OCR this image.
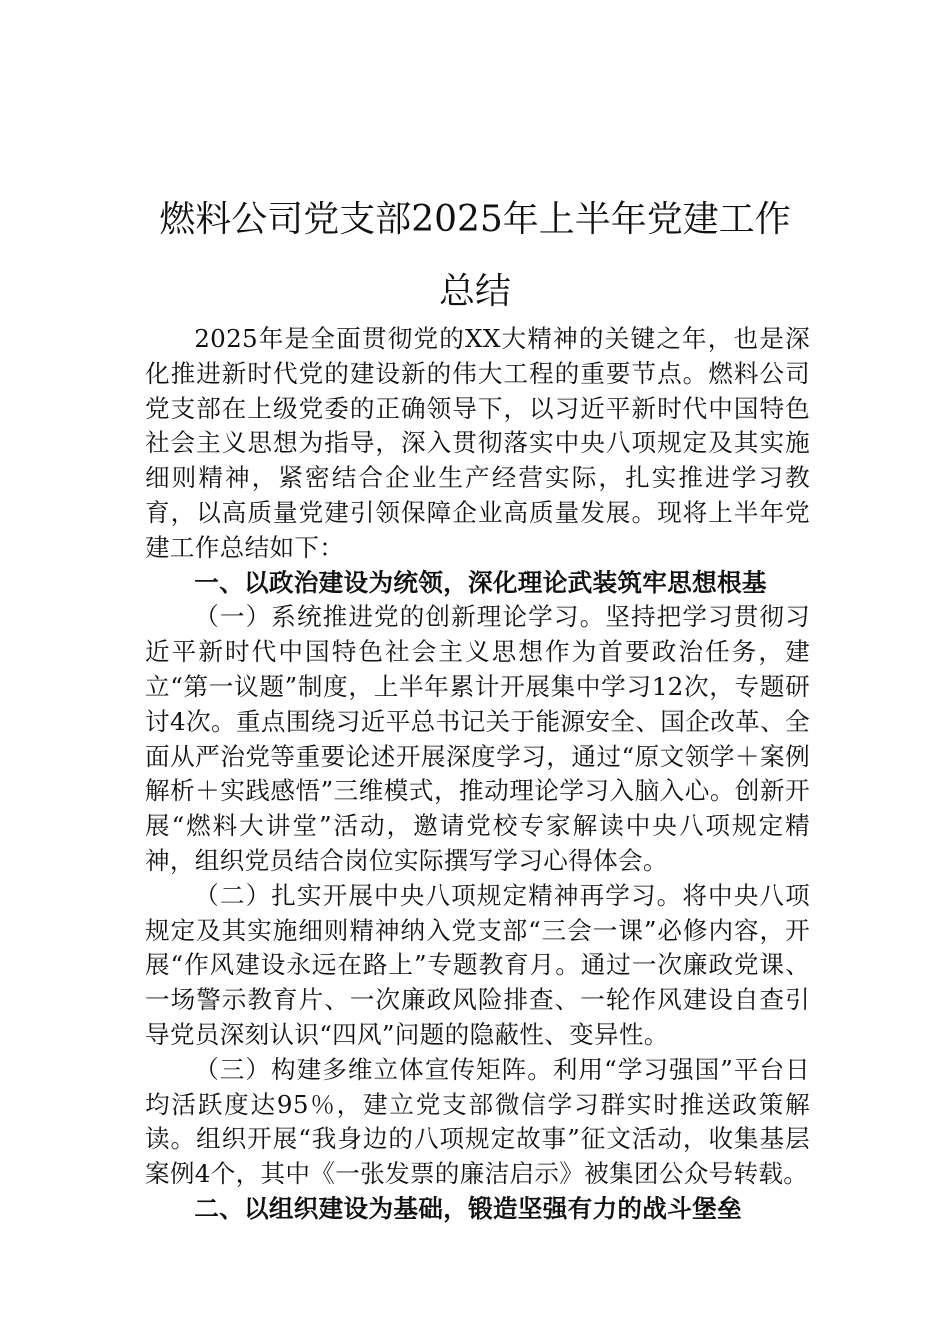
燃料公司党支部2025年上半年党建工作总结

2025年是全面贯彻党的XX大精神的关键之年，也是深化推进新时代党的建设新的伟大工程的重要节点。燃料公司党支部在上级党委的正确领导下，以习近平新时代中国特色社会主义思想为指导，深入贯彻落实中央八项规定及其实施细则精神，紧密结合企业生产经营实际，扎实推进学习教育，以高质量党建引领保障企业高质量发展。现将上半年党建工作总结如下：

一、以政治建设为统领，深化理论武装筑牢思想根基

（一）系统推进党的创新理论学习。坚持把学习贯彻习近平新时代中国特色社会主义思想作为首要政治任务，建立“第一议题”制度，上半年累计开展集中学习12次，专题研讨4次。重点围绕习近平总书记关于能源安全、国企改革、全面从严治党等重要论述开展深度学习，通过“原文领学＋案例解析＋实践感悟”三维模式，推动理论学习入脑入心。创新开展“燃料大讲堂”活动，邀请党校专家解读中央八项规定精神，组织党员结合岗位实际撰写学习心得体会。

（二）扎实开展中央八项规定精神再学习。将中央八项规定及其实施细则精神纳入党支部“三会一课”必修内容，开展“作风建设永远在路上”专题教育月。通过一次廉政党课、一场警示教育片、一次廉政风险排查、一轮作风建设自查引导党员深刻认识“四风”问题的隐蔽性、变异性。

（三）构建多维立体宣传矩阵。利用“学习强国”平台日均活跃度达95％，建立党支部微信学习群实时推送政策解读。组织开展“我身边的八项规定故事”征文活动，收集基层案例4个，其中《一张发票的廉洁启示》被集团公众号转载。

二、以组织建设为基础，锻造坚强有力的战斗堡垒
